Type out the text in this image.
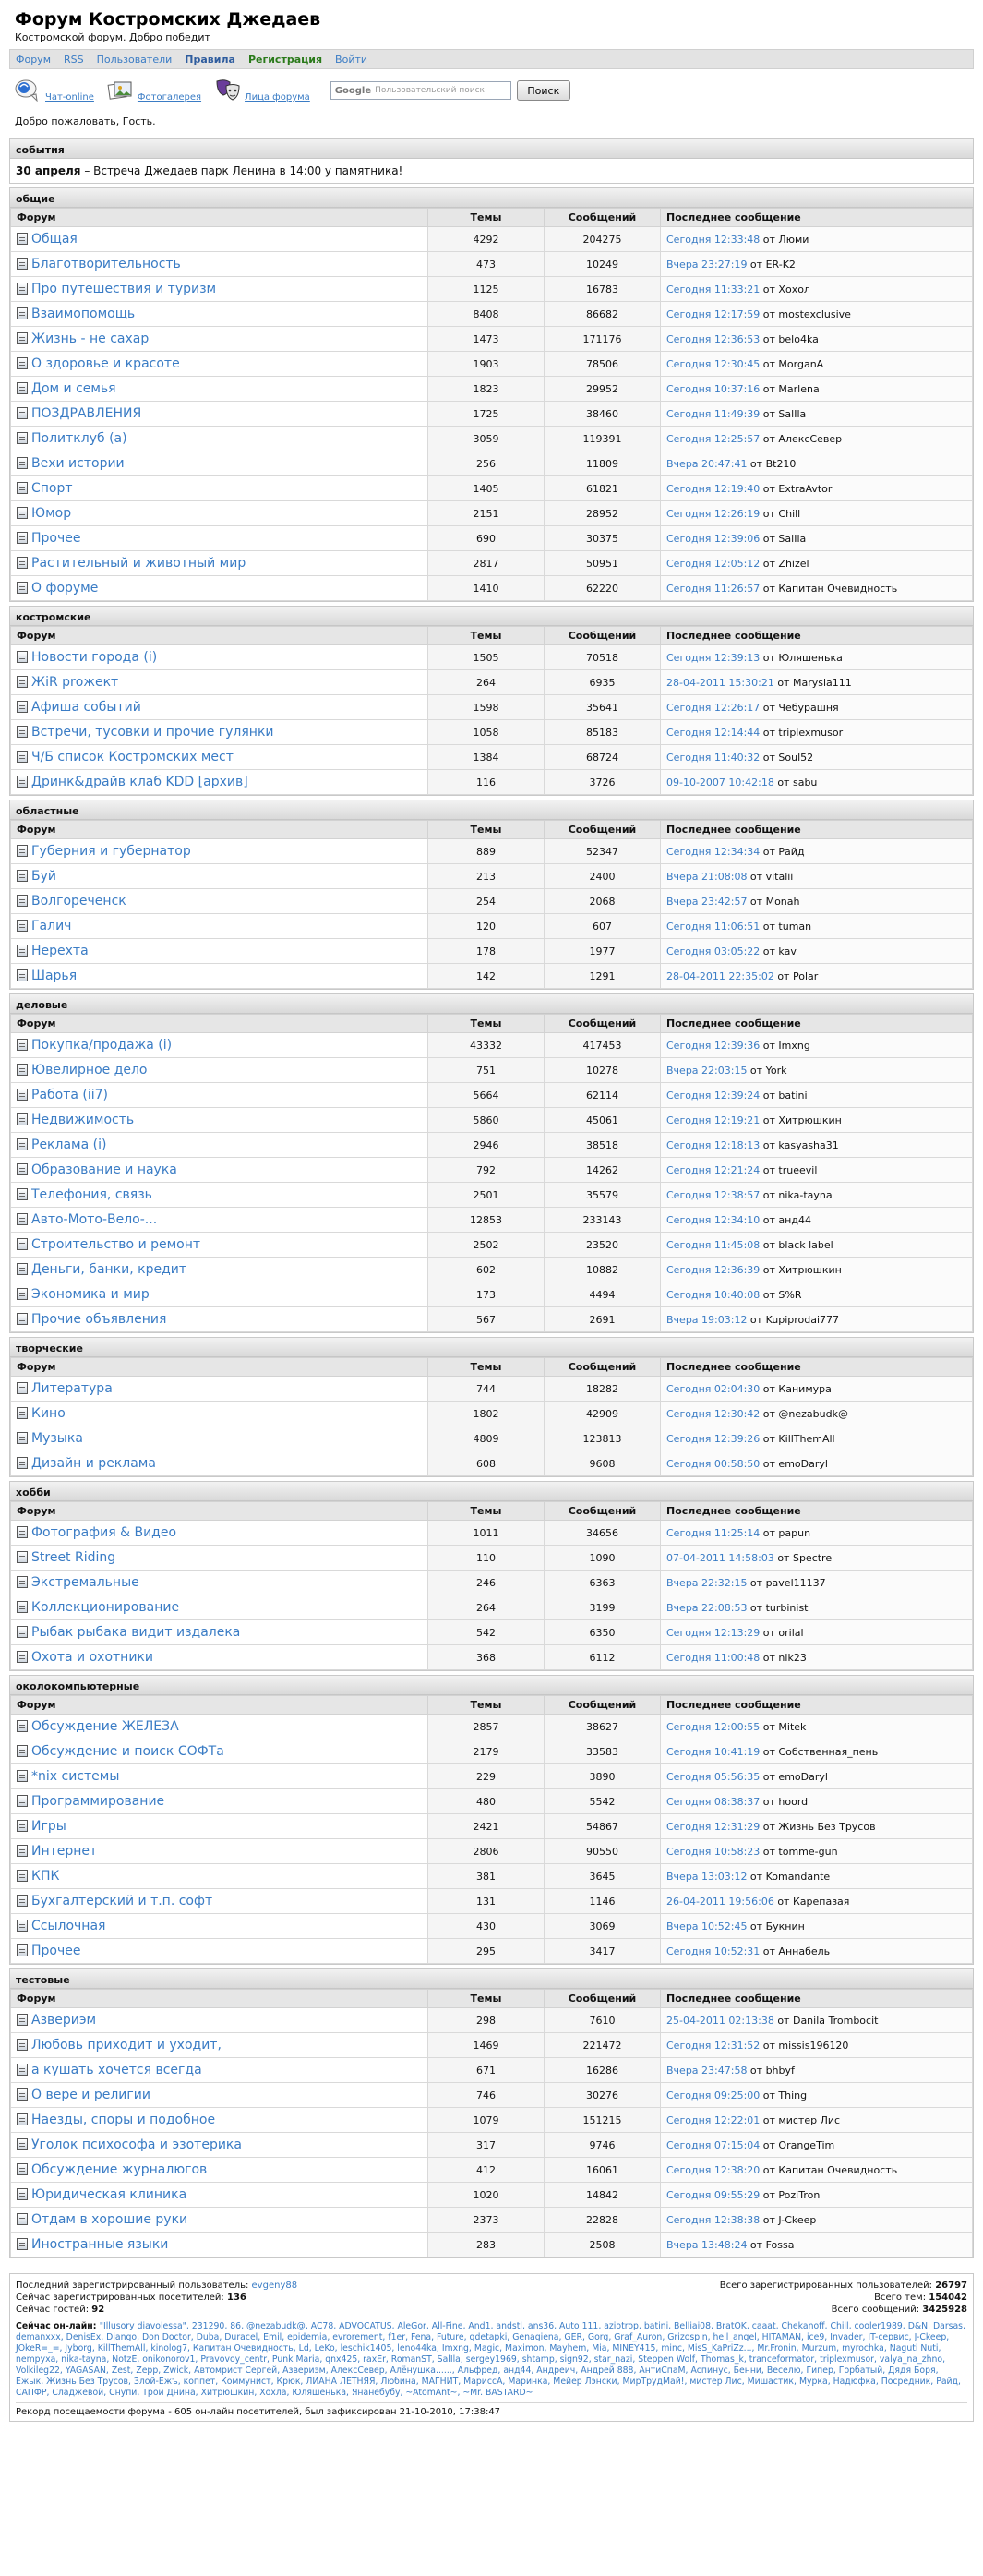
Форум Костромских Джедаев
Костромской форум. Добро победит
Форум RSS Пользователи Правила Регистрация Войти
Чат-online	Фотогалерея	Лица форума
Google Пользовательский поиск	Поиск
Добро пожаловать, Гость.
события
30 апреля – Встреча Джедаев парк Ленина в 14:00 у памятника!
общие
Форум	Темы	Сообщений	Последнее сообщение
Общая	4292	204275	Сегодня 12:33:48 от Люми
Благотворительность	473	10249	Вчера 23:27:19 от ER-K2
Про путешествия и туризм	1125	16783	Сегодня 11:33:21 от Хохол
Взаимопомощь	8408	86682	Сегодня 12:17:59 от mostexclusive
Жизнь - не сахар	1473	171176	Сегодня 12:36:53 от belo4ka
О здоровье и красоте	1903	78506	Сегодня 12:30:45 от MorganA
Дом и семья	1823	29952	Сегодня 10:37:16 от Marlena
ПОЗДРАВЛЕНИЯ	1725	38460	Сегодня 11:49:39 от SalIla
Политклуб (а)	3059	119391	Сегодня 12:25:57 от АлексСевер
Вехи истории	256	11809	Вчера 20:47:41 от Bt210
Спорт	1405	61821	Сегодня 12:19:40 от ExtraAvtor
Юмор	2151	28952	Сегодня 12:26:19 от Chill
Прочее	690	30375	Сегодня 12:39:06 от SalIla
Растительный и животный мир	2817	50951	Сегодня 12:05:12 от Zhizel
О форуме	1410	62220	Сегодня 11:26:57 от Капитан Очевидность
костромские
Форум	Темы	Сообщений	Последнее сообщение
Новости города (i)	1505	70518	Сегодня 12:39:13 от Юляшенька
ЖiR рrожект	264	6935	28-04-2011 15:30:21 от Marysia111
Афиша событий	1598	35641	Сегодня 12:26:17 от Чебурашня
Встречи, тусовки и прочие гулянки	1058	85183	Сегодня 12:14:44 от triplexmusor
Ч/Б список Костромских мест	1384	68724	Сегодня 11:40:32 от Soul52
Дринк&драйв клаб KDD [архив]	116	3726	09-10-2007 10:42:18 от sabu
областные
Форум	Темы	Сообщений	Последнее сообщение
Губерния и губернатор	889	52347	Сегодня 12:34:34 от Райд
Буй	213	2400	Вчера 21:08:08 от vitalii
Волгореченск	254	2068	Вчера 23:42:57 от Monah
Галич	120	607	Сегодня 11:06:51 от tuman
Нерехта	178	1977	Сегодня 03:05:22 от kav
Шарья	142	1291	28-04-2011 22:35:02 от Polar
деловые
Форум	Темы	Сообщений	Последнее сообщение
Покупка/продажа (i)	43332	417453	Сегодня 12:39:36 от Imxng
Ювелирное дело	751	10278	Вчера 22:03:15 от York
Работа (ii7)	5664	62114	Сегодня 12:39:24 от batini
Недвижимость	5860	45061	Сегодня 12:19:21 от Хитрюшкин
Реклама (i)	2946	38518	Сегодня 12:18:13 от kasyasha31
Образование и наука	792	14262	Сегодня 12:21:24 от trueevil
Телефония, связь	2501	35579	Сегодня 12:38:57 от nika-tayna
Авто-Мото-Вело-...	12853	233143	Сегодня 12:34:10 от анд44
Строительство и ремонт	2502	23520	Сегодня 11:45:08 от black label
Деньги, банки, кредит	602	10882	Сегодня 12:36:39 от Хитрюшкин
Экономика и мир	173	4494	Сегодня 10:40:08 от S%R
Прочие объявления	567	2691	Вчера 19:03:12 от Kupiprodai777
творческие
Форум	Темы	Сообщений	Последнее сообщение
Литература	744	18282	Сегодня 02:04:30 от Канимура
Кино	1802	42909	Сегодня 12:30:42 от @nezabudk@
Музыка	4809	123813	Сегодня 12:39:26 от KillThemAll
Дизайн и реклама	608	9608	Сегодня 00:58:50 от emoDaryl
хобби
Форум	Темы	Сообщений	Последнее сообщение
Фотография & Видео	1011	34656	Сегодня 11:25:14 от papun
Street Riding	110	1090	07-04-2011 14:58:03 от Spectre
Экстремальные	246	6363	Вчера 22:32:15 от pavel11137
Коллекционирование	264	3199	Вчера 22:08:53 от turbinist
Рыбак рыбака видит издалека	542	6350	Сегодня 12:13:29 от orilal
Охота и охотники	368	6112	Сегодня 11:00:48 от nik23
околокомпьютерные
Форум	Темы	Сообщений	Последнее сообщение
Обсуждение ЖЕЛЕЗА	2857	38627	Сегодня 12:00:55 от Mitek
Обсуждение и поиск СОФТа	2179	33583	Сегодня 10:41:19 от Собственная_пень
*nix системы	229	3890	Сегодня 05:56:35 от emoDaryl
Программирование	480	5542	Сегодня 08:38:37 от hoord
Игры	2421	54867	Сегодня 12:31:29 от Жизнь Без Трусов
Интернет	2806	90550	Сегодня 10:58:23 от tomme-gun
КПК	381	3645	Вчера 13:03:12 от Komandante
Бухгалтерский и т.п. софт	131	1146	26-04-2011 19:56:06 от Карепазая
Ссылочная	430	3069	Вчера 10:52:45 от Букнин
Прочее	295	3417	Сегодня 10:52:31 от Аннабель
тестовые
Форум	Темы	Сообщений	Последнее сообщение
Азвериэм	298	7610	25-04-2011 02:13:38 от Danila Trombocit
Любовь приходит и уходит,	1469	221472	Сегодня 12:31:52 от missis196120
а кушать хочется всегда	671	16286	Вчера 23:47:58 от bhbyf
О вере и религии	746	30276	Сегодня 09:25:00 от Thing
Наезды, споры и подобное	1079	151215	Сегодня 12:22:01 от мистер Лис
Уголок психософа и эзотерика	317	9746	Сегодня 07:15:04 от OrangeTim
Обсуждение журналюгов	412	16061	Сегодня 12:38:20 от Капитан Очевидность
Юридическая клиника	1020	14842	Сегодня 09:55:29 от PoziTron
Отдам в хорошие руки	2373	22828	Сегодня 12:38:38 от J-Ckeep
Иностранные языки	283	2508	Вчера 13:48:24 от Fossa
Последний зарегистрированный пользователь: evgeny88
Сейчас зарегистрированных посетителей: 136
Сейчас гостей: 92
Всего зарегистрированных пользователей: 26797
Всего тем: 154042
Всего сообщений: 3425928
Сейчас он-лайн: "Illusory diavolessa", 231290, 86, @nezabudk@, AC78, ADVOCATUS, AleGor, All-Fine, And1, andstl, ans36, Auto 111, aziotrop, batini, Belliai08, BratOK, caaat, Chekanoff, Chill, cooler1989, D&N, Darsas, demanxxx, DenisEx, Django, Don Doctor, Duba, Duracel, Emil, epidemia, evrorement, f1er, Fena, Future, gdetapki, Genagiena, GER, Gorg, Graf_Auron, Grizospin, hell_angel, HITAMAN, ice9, Invader, IT-сервис, J-Ckeep, JOkeR=_=, Jyborg, KillThemAll, kinolog7, Капитан Очевидность, Ld, LeKo, leschik1405, leno44ka, Imxng, Magic, Maximon, Mayhem, Mia, MINEY415, minc, MisS_KaPriZz..., Mr.Fronin, Murzum, myrochka, Naguti Nuti, nempyxa, nika-tayna, NotzE, onikonorov1, Pravovoy_centr, Punk Maria, qnx425, raxEr, RomanST, SalIla, sergey1969, shtamp, sign92, star_nazi, Steppen Wolf, Thomas_k, tranceformator, triplexmusor, valya_na_zhno, Volkileg22, YAGASAN, Zest, Zepp, Zwick, Автомрист Сергей, Азвериэм, АлексСевер, Алёнушка......, Альфред, анд44, Андреич, Андрей 888, АнтиСпаМ, Аспинус, Бенни, Веселю, Гипер, Горбатый, Дядя Боря, Ежык, Жизнь Без Трусов, Злой-Ежъ, коппет, Коммунист, Крюк, ЛИАНА ЛЕТНЯЯ, Любина, МАГНИТ, МариссА, Маринка, Мейер Лэнски, МирТрудМай!, мистер Лис, Мишастик, Мурка, Надюфка, Посредник, Райд, САПФР, Сладжевой, Снупи, Трои Днина, Хитрюшкин, Хохла, Юляшенька, Янанебубу, ~AtomAnt~, ~Mr. BASTARD~
Рекорд посещаемости форума - 605 он-лайн посетителей, был зафиксирован 21-10-2010, 17:38:47
